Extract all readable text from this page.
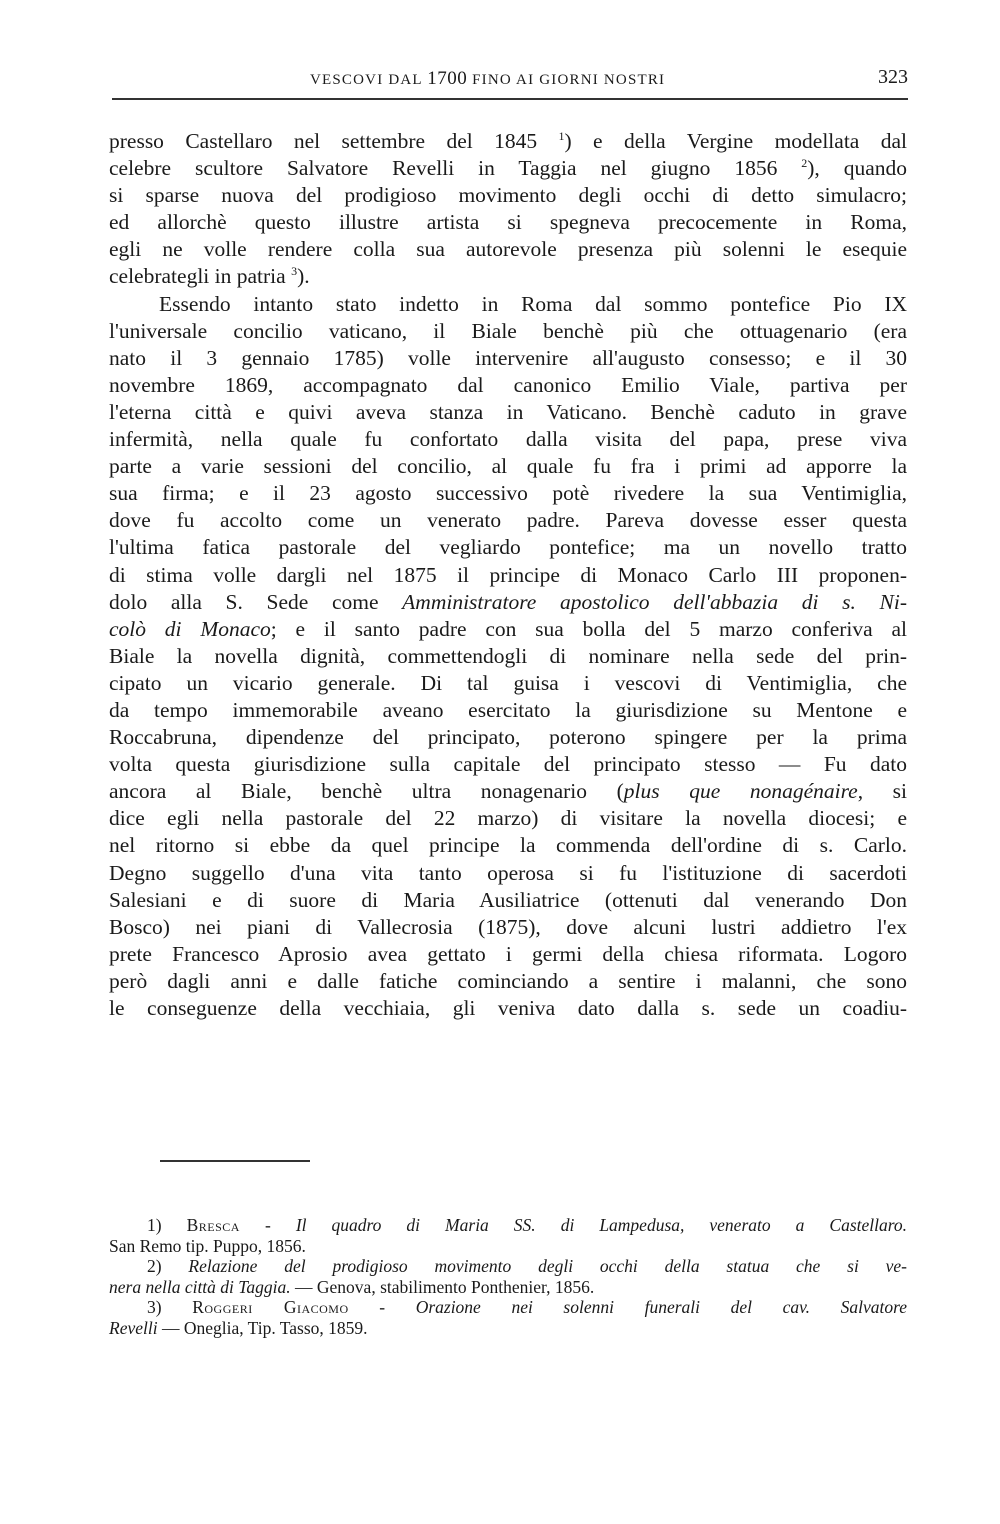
VESCOVI DAL 1700 FINO AI GIORNI NOSTRI	323

presso Castellaro nel settembre del 1845 $^1$) e della Vergine modellata dal
celebre scultore Salvatore Revelli in Taggia nel giugno 1856 $^2$), quando
si sparse nuova del prodigioso movimento degli occhi di detto simulacro;
ed allorchè questo illustre artista si spegneva precocemente in Roma,
egli ne volle rendere colla sua autorevole presenza più solenni le esequie
celebrategli in patria $^3$).

Essendo intanto stato indetto in Roma dal sommo pontefice Pio IX
l'universale concilio vaticano, il Biale benchè più che ottuagenario (era
nato il 3 gennaio 1785) volle intervenire all'augusto consesso; e il 30
novembre 1869, accompagnato dal canonico Emilio Viale, partiva per
l'eterna città e quivi aveva stanza in Vaticano. Benchè caduto in grave
infermità, nella quale fu confortato dalla visita del papa, prese viva
parte a varie sessioni del concilio, al quale fu fra i primi ad apporre la
sua firma; e il 23 agosto successivo potè rivedere la sua Ventimiglia,
dove fu accolto come un venerato padre. Pareva dovesse esser questa
l'ultima fatica pastorale del vegliardo pontefice; ma un novello tratto
di stima volle dargli nel 1875 il principe di Monaco Carlo III proponen-
dolo alla S. Sede come Amministratore apostolico dell'abbazia di s. Ni-
colò di Monaco; e il santo padre con sua bolla del 5 marzo conferiva al
Biale la novella dignità, commettendogli di nominare nella sede del prin-
cipato un vicario generale. Di tal guisa i vescovi di Ventimiglia, che
da tempo immemorabile aveano esercitato la giurisdizione su Mentone e
Roccabruna, dipendenze del principato, poterono spingere per la prima
volta questa giurisdizione sulla capitale del principato stesso — Fu dato
ancora al Biale, benchè ultra nonagenario (plus que nonagénaire, si
dice egli nella pastorale del 22 marzo) di visitare la novella diocesi; e
nel ritorno si ebbe da quel principe la commenda dell'ordine di s. Carlo.
Degno suggello d'una vita tanto operosa si fu l'istituzione di sacerdoti
Salesiani e di suore di Maria Ausiliatrice (ottenuti dal venerando Don
Bosco) nei piani di Vallecrosia (1875), dove alcuni lustri addietro l'ex
prete Francesco Aprosio avea gettato i germi della chiesa riformata. Logoro
però dagli anni e dalle fatiche cominciando a sentire i malanni, che sono
le conseguenze della vecchiaia, gli veniva dato dalla s. sede un coadiu-

1) Bresca - Il quadro di Maria SS. di Lampedusa, venerato a Castellaro.
San Remo tip. Puppo, 1856.
2) Relazione del prodigioso movimento degli occhi della statua che si ve-
nera nella città di Taggia. — Genova, stabilimento Ponthenier, 1856.
3) Roggeri Giacomo - Orazione nei solenni funerali del cav. Salvatore
Revelli — Oneglia, Tip. Tasso, 1859.
